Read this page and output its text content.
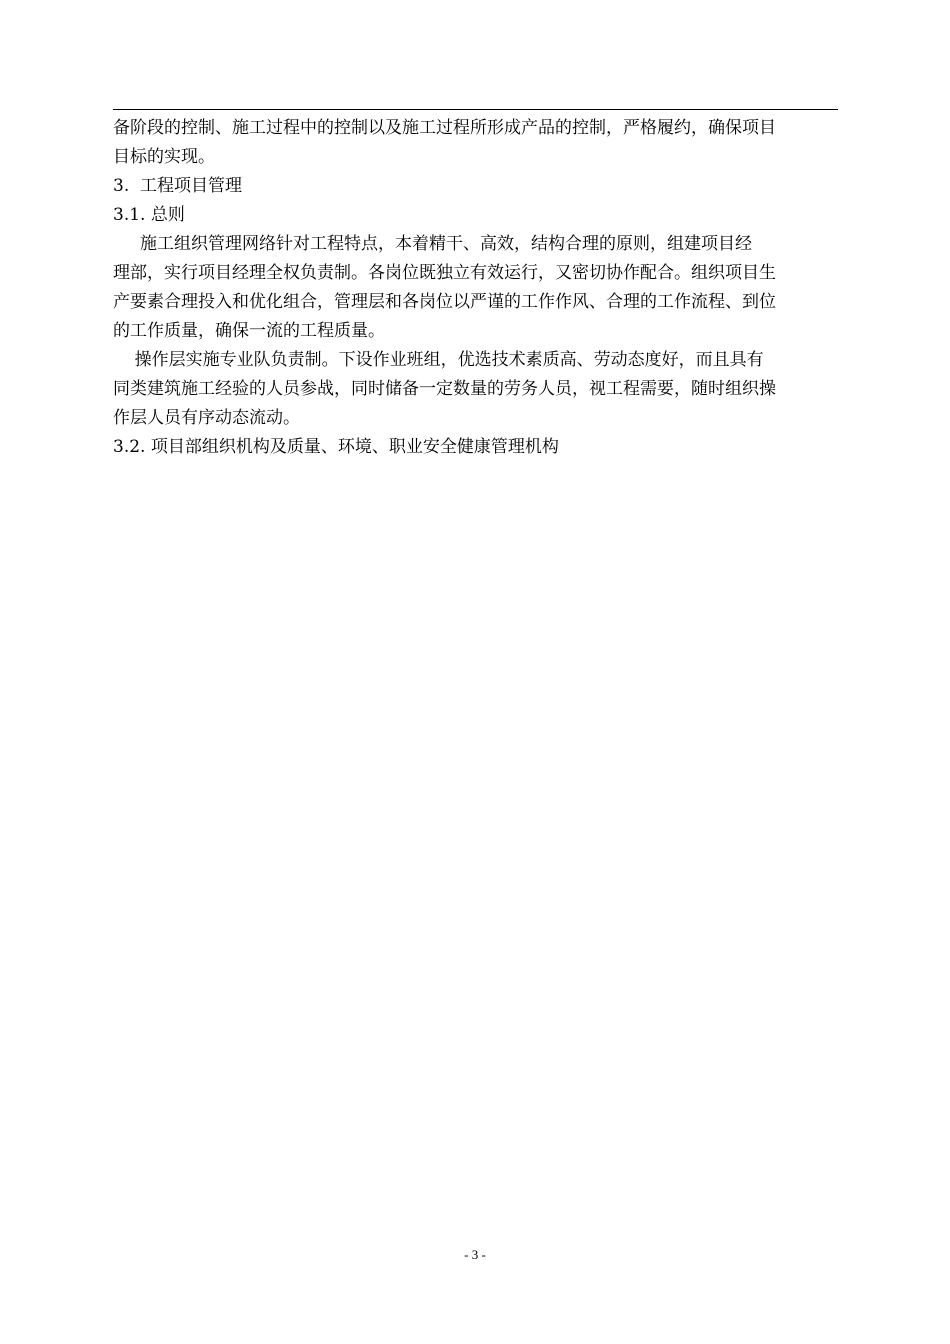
备阶段的控制、施工过程中的控制以及施工过程所形成产品的控制，严格履约，确保项目
目标的实现。
3.  工程项目管理
3.1. 总则
施工组织管理网络针对工程特点，本着精干、高效，结构合理的原则，组建项目经
理部，实行项目经理全权负责制。各岗位既独立有效运行，又密切协作配合。组织项目生
产要素合理投入和优化组合，管理层和各岗位以严谨的工作作风、合理的工作流程、到位
的工作质量，确保一流的工程质量。
操作层实施专业队负责制。下设作业班组，优选技术素质高、劳动态度好，而且具有
同类建筑施工经验的人员参战，同时储备一定数量的劳务人员，视工程需要，随时组织操
作层人员有序动态流动。
3.2. 项目部组织机构及质量、环境、职业安全健康管理机构
- 3 -
